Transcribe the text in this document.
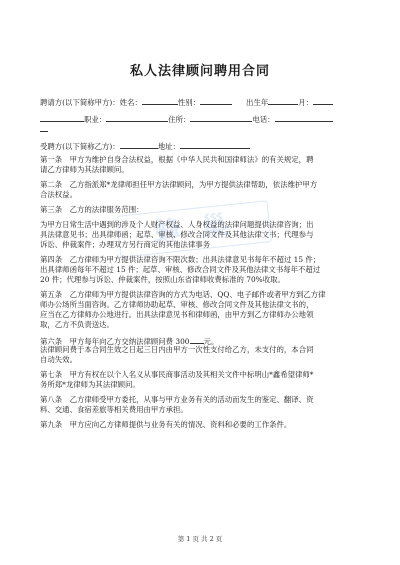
蜂 巢
私人法律顾问聘用合同
聘请方(以下简称甲方)：姓名：	性别：	出生年	月：
职业：	住所：	电话：
受聘方(以下简称乙方)：	地址：
第一条　甲方为维护自身合法权益，根据《中华人民共和国律师法》的有关规定，聘
请乙方律师为其法律顾问。
第二条　乙方指派郑*龙律师担任甲方法律顾问，为甲方提供法律帮助，依法维护甲方
合法权益。
第三条　乙方的法律服务范围：
为甲方日常生活中遇到的涉及个人财产权益、人身权益的法律问题提供法律咨询；出
具法律意见书；出具律师函；起草、审核、修改合同文件及其他法律文书；代理参与
诉讼、仲裁案件；办理双方另行商定的其他法律事务
第四条　乙方律师为甲方提供法律咨询不限次数；出具法律意见书每年不超过 15 件；
出具律师函每年不超过 15 件；起草、审核、修改合同文件及其他法律文书每年不超过
20 件；代理参与诉讼、仲裁案件，按照山东省律师收费标准的 70%收取。
第五条　乙方律师为甲方提供法律咨询的方式为电话、QQ、电子邮件或者甲方到乙方律
师办公场所当面咨询。乙方律师协助起草、审核、修改合同文件及其他法律文书的，
应当在乙方律师办公地进行。出具法律意见书和律师函，由甲方到乙方律师办公地领
取，乙方不负责送达。
第六条　甲方每年向乙方交纳法律顾问费 300 元。
法律顾问费于本合同生效之日起三日内由甲方一次性支付给乙方，未支付的，本合同
自动失效。
第七条　甲方有权在以个人名义从事民商事活动及其相关文件中标明山*鑫希望律师*
务所郑*龙律师为其法律顾问。
第八条　乙方律师受甲方委托，从事与甲方业务有关的活动而发生的鉴定、翻译、资
料、交通、食宿差旅等相关费用由甲方承担。
第九条　甲方应向乙方律师提供与业务有关的情况、资料和必要的工作条件。
第 1 页 共 2 页
